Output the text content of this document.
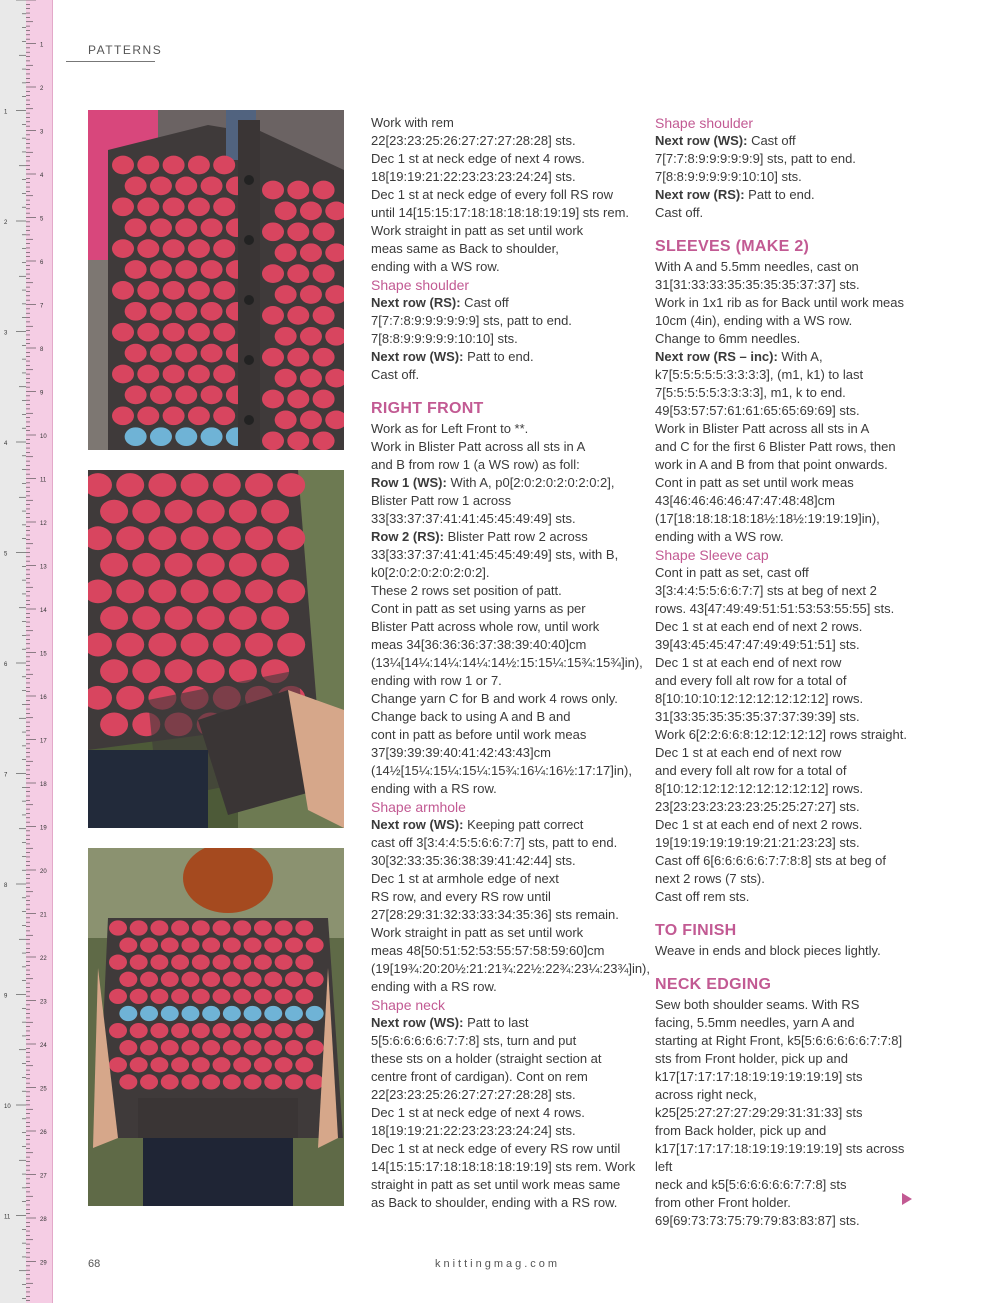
1
2
3
4
5
6
7
8
9
10
11
12
13
14
15
16
17
18
19
20
21
22
23
24
25
26
27
28
29
1
2
3
4
5
6
7
8
9
10
11
PATTERNS

Work with rem
22[23:23:25:26:27:27:27:28:28] sts.
Dec 1 st at neck edge of next 4 rows.
18[19:19:21:22:23:23:23:24:24] sts.
Dec 1 st at neck edge of every foll RS row
until 14[15:15:17:18:18:18:18:19:19] sts rem.
Work straight in patt as set until work
meas same as Back to shoulder,
ending with a WS row.

Shape shoulder

Next row (RS): Cast off

7[7:7:8:9:9:9:9:9:9] sts, patt to end.
7[8:8:9:9:9:9:9:10:10] sts.

Next row (WS): Patt to end.

Cast off.

RIGHT FRONT

Work as for Left Front to **.
Work in Blister Patt across all sts in A
and B from row 1 (a WS row) as foll:

Row 1 (WS): With A, p0[2:0:2:0:2:0:2:0:2],

Blister Patt row 1 across
33[33:37:37:41:41:45:45:49:49] sts.

Row 2 (RS): Blister Patt row 2 across

33[33:37:37:41:41:45:45:49:49] sts, with B,
k0[2:0:2:0:2:0:2:0:2].
These 2 rows set position of patt.
Cont in patt as set using yarns as per
Blister Patt across whole row, until work
meas 34[36:36:36:37:38:39:40:40]cm
(13¼[14¼:14¼:14¼:14½:15:15¼:15¾:15¾]in),
ending with row 1 or 7.
Change yarn C for B and work 4 rows only.
Change back to using A and B and
cont in patt as before until work meas
37[39:39:39:40:41:42:43:43]cm
(14½[15¼:15¼:15¼:15¾:16¼:16½:17:17]in),
ending with a RS row.

Shape armhole

Next row (WS): Keeping patt correct

cast off 3[3:4:4:5:5:6:6:7:7] sts, patt to end.
30[32:33:35:36:38:39:41:42:44] sts.
Dec 1 st at armhole edge of next
RS row, and every RS row until
27[28:29:31:32:33:33:34:35:36] sts remain.
Work straight in patt as set until work
meas 48[50:51:52:53:55:57:58:59:60]cm
(19[19¾:20:20½:21:21¾:22½:22¾:23¼:23¾]in),
ending with a RS row.

Shape neck

Next row (WS): Patt to last

5[5:6:6:6:6:6:7:7:8] sts, turn and put
these sts on a holder (straight section at
centre front of cardigan). Cont on rem
22[23:23:25:26:27:27:27:28:28] sts.
Dec 1 st at neck edge of next 4 rows.
18[19:19:21:22:23:23:23:24:24] sts.
Dec 1 st at neck edge of every RS row until
14[15:15:17:18:18:18:18:19:19] sts rem. Work
straight in patt as set until work meas same
as Back to shoulder, ending with a RS row.

Shape shoulder

Next row (WS): Cast off

7[7:7:8:9:9:9:9:9:9] sts, patt to end.
7[8:8:9:9:9:9:9:10:10] sts.

Next row (RS): Patt to end.

Cast off.

SLEEVES (MAKE 2)

With A and 5.5mm needles, cast on
31[31:33:33:35:35:35:35:37:37] sts.
Work in 1x1 rib as for Back until work meas
10cm (4in), ending with a WS row.
Change to 6mm needles.

Next row (RS – inc): With A,

k7[5:5:5:5:5:3:3:3:3], (m1, k1) to last
7[5:5:5:5:5:3:3:3:3], m1, k to end.
49[53:57:57:61:61:65:65:69:69] sts.
Work in Blister Patt across all sts in A
and C for the first 6 Blister Patt rows, then
work in A and B from that point onwards.
Cont in patt as set until work meas
43[46:46:46:46:47:47:48:48]cm
(17[18:18:18:18:18½:18½:19:19:19]in),
ending with a WS row.

Shape Sleeve cap

Cont in patt as set, cast off
3[3:4:4:5:5:6:6:7:7] sts at beg of next 2
rows. 43[47:49:49:51:51:53:53:55:55] sts.
Dec 1 st at each end of next 2 rows.
39[43:45:45:47:47:49:49:51:51] sts.
Dec 1 st at each end of next row
and every foll alt row for a total of
8[10:10:10:12:12:12:12:12:12] rows.
31[33:35:35:35:35:37:37:39:39] sts.
Work 6[2:2:6:6:8:12:12:12:12] rows straight.
Dec 1 st at each end of next row
and every foll alt row for a total of
8[10:12:12:12:12:12:12:12:12] rows.
23[23:23:23:23:23:25:25:27:27] sts.
Dec 1 st at each end of next 2 rows.
19[19:19:19:19:19:21:21:23:23] sts.
Cast off 6[6:6:6:6:6:7:7:8:8] sts at beg of
next 2 rows (7 sts).
Cast off rem sts.

TO FINISH

Weave in ends and block pieces lightly.

NECK EDGING

Sew both shoulder seams. With RS
facing, 5.5mm needles, yarn A and
starting at Right Front, k5[5:6:6:6:6:6:7:7:8]
sts from Front holder, pick up and
k17[17:17:17:18:19:19:19:19:19] sts
across right neck,
k25[25:27:27:27:29:29:31:31:33] sts
from Back holder, pick up and
k17[17:17:17:18:19:19:19:19:19] sts across left
neck and k5[5:6:6:6:6:6:7:7:8] sts
from other Front holder.
69[69:73:73:75:79:79:83:83:87] sts.

68	knittingmag.com
